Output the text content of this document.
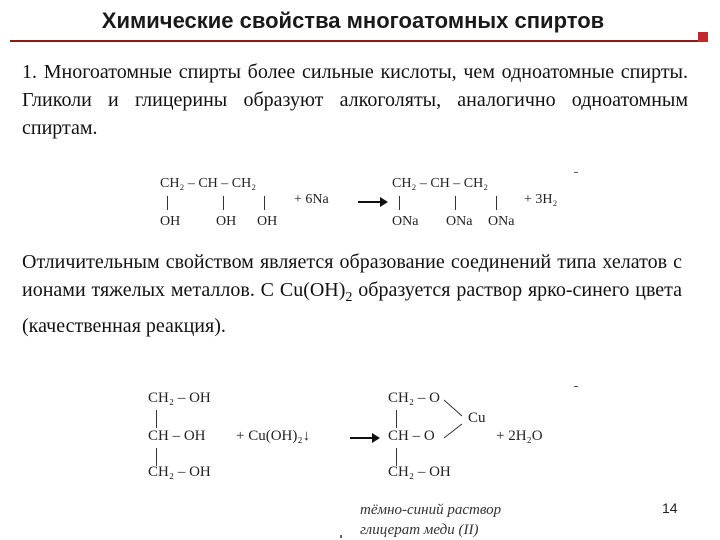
Химические свойства многоатомных спиртов

1. Многоатомные спирты более сильные кислоты, чем одноатомные спирты. Гликоли и глицерины образуют алкоголяты, аналогично одноатомным спиртам.

CH₂ – CH – CH₂
OH	OH OH
+ 6Na
CH₂ – CH – CH₂
ONa ONa ONa
+ 3H₂

Отличительным свойством является образование соединений типа хелатов с ионами тяжелых металлов. С $Cu(OH)_2$ образуется раствор ярко-синего цвета (качественная реакция).

CH₂ – OH
CH – OH
CH₂ – OH
+ Cu(OH)₂↓
CH₂ – O
CH – O
CH₂ – OH
Cu
+ 2H₂O
тёмно-синий раствор
глицерат меди (II)
14
